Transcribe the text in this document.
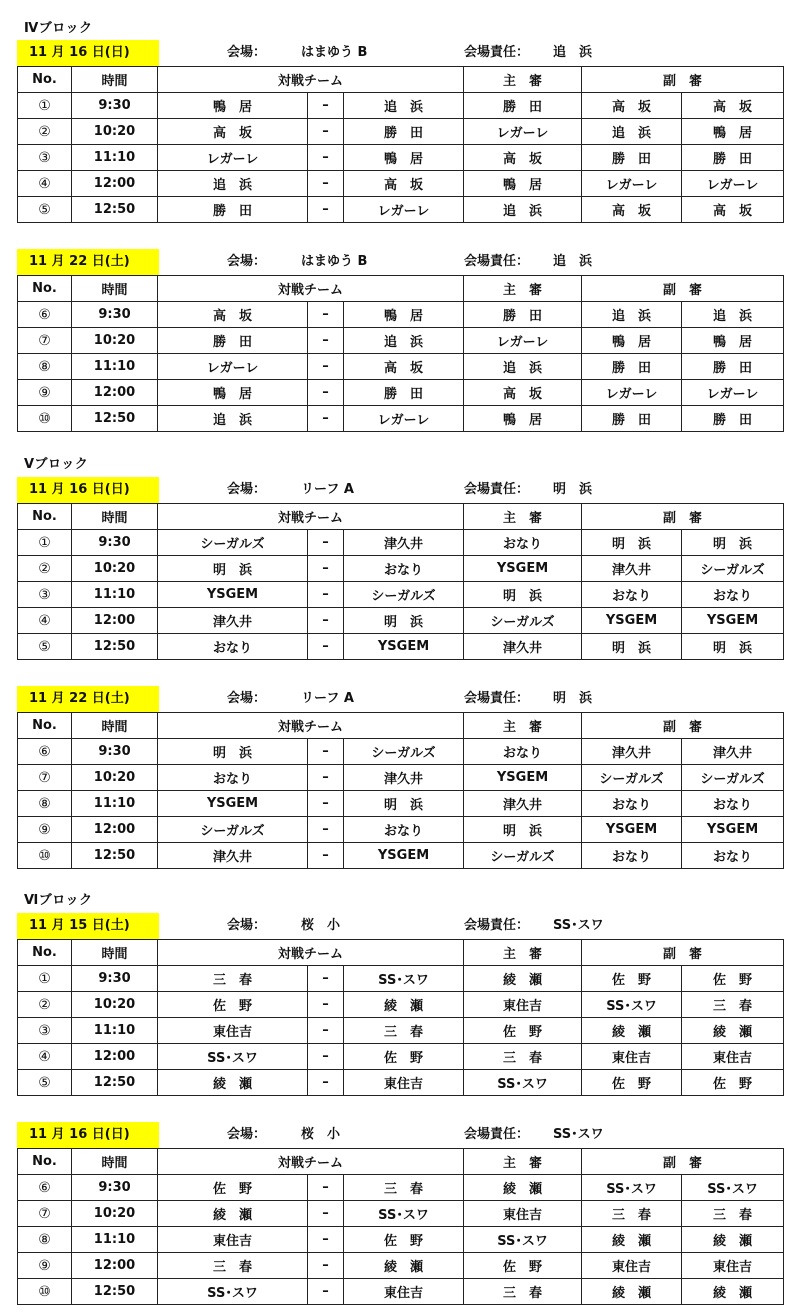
Ⅳブロック
11 月 16 日(日)	会場：	はまゆう B	会場責任： 追　浜
No.	時間	対戦チーム			主　審	副　審	
①	9:30	鴨　居	–	追　浜	勝　田	高　坂	高　坂
②	10:20	高　坂	–	勝　田	レガーレ	追　浜	鴨　居
③	11:10	レガーレ	–	鴨　居	高　坂	勝　田	勝　田
④	12:00	追　浜	–	高　坂	鴨　居	レガーレ	レガーレ
⑤	12:50	勝　田	–	レガーレ	追　浜	高　坂	高　坂
11 月 22 日(土)	会場：	はまゆう B	会場責任： 追　浜
No.	時間	対戦チーム			主　審	副　審	
⑥	9:30	高　坂	–	鴨　居	勝　田	追　浜	追　浜
⑦	10:20	勝　田	–	追　浜	レガーレ	鴨　居	鴨　居
⑧	11:10	レガーレ	–	高　坂	追　浜	勝　田	勝　田
⑨	12:00	鴨　居	–	勝　田	高　坂	レガーレ	レガーレ
⑩	12:50	追　浜	–	レガーレ	鴨　居	勝　田	勝　田
Ⅴブロック
11 月 16 日(日)	会場：	リーフ A	会場責任： 明　浜
No.	時間	対戦チーム			主　審	副　審	
①	9:30	シーガルズ	–	津久井	おなり	明　浜	明　浜
②	10:20	明　浜	–	おなり	YSGEM	津久井	シーガルズ
③	11:10	YSGEM	–	シーガルズ	明　浜	おなり	おなり
④	12:00	津久井	–	明　浜	シーガルズ	YSGEM	YSGEM
⑤	12:50	おなり	–	YSGEM	津久井	明　浜	明　浜
11 月 22 日(土)	会場：	リーフ A	会場責任： 明　浜
No.	時間	対戦チーム			主　審	副　審	
⑥	9:30	明　浜	–	シーガルズ	おなり	津久井	津久井
⑦	10:20	おなり	–	津久井	YSGEM	シーガルズ	シーガルズ
⑧	11:10	YSGEM	–	明　浜	津久井	おなり	おなり
⑨	12:00	シーガルズ	–	おなり	明　浜	YSGEM	YSGEM
⑩	12:50	津久井	–	YSGEM	シーガルズ	おなり	おなり
Ⅵブロック
11 月 15 日(土)	会場：	桜　小	会場責任： SS･スワ
No.	時間	対戦チーム			主　審	副　審	
①	9:30	三　春	–	SS･スワ	綾　瀬	佐　野	佐　野
②	10:20	佐　野	–	綾　瀬	東住吉	SS･スワ	三　春
③	11:10	東住吉	–	三　春	佐　野	綾　瀬	綾　瀬
④	12:00	SS･スワ	–	佐　野	三　春	東住吉	東住吉
⑤	12:50	綾　瀬	–	東住吉	SS･スワ	佐　野	佐　野
11 月 16 日(日)	会場：	桜　小	会場責任： SS･スワ
No.	時間	対戦チーム			主　審	副　審	
⑥	9:30	佐　野	–	三　春	綾　瀬	SS･スワ	SS･スワ
⑦	10:20	綾　瀬	–	SS･スワ	東住吉	三　春	三　春
⑧	11:10	東住吉	–	佐　野	SS･スワ	綾　瀬	綾　瀬
⑨	12:00	三　春	–	綾　瀬	佐　野	東住吉	東住吉
⑩	12:50	SS･スワ	–	東住吉	三　春	綾　瀬	綾　瀬
